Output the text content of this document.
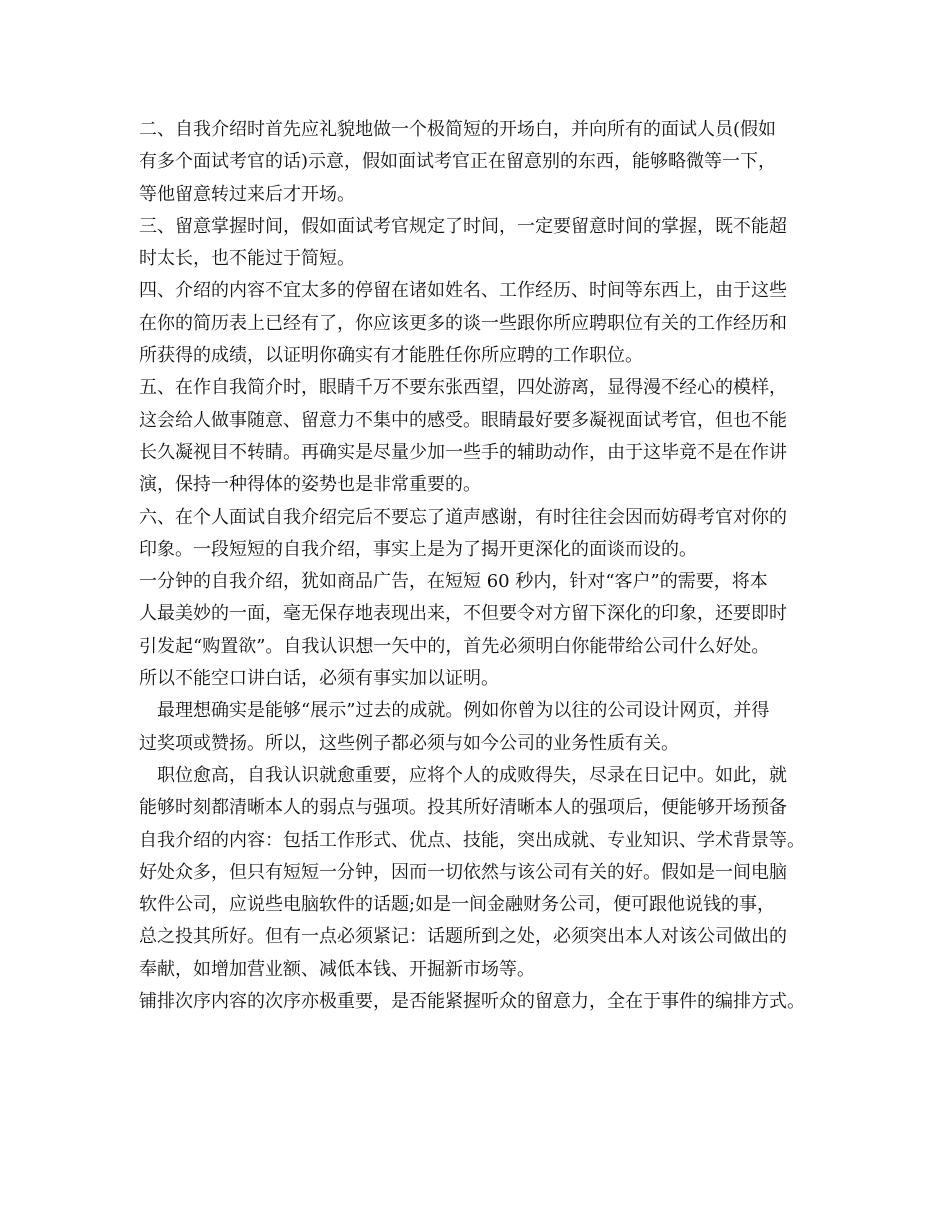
二、自我介绍时首先应礼貌地做一个极简短的开场白，并向所有的面试人员(假如
有多个面试考官的话)示意，假如面试考官正在留意别的东西，能够略微等一下，
等他留意转过来后才开场。
三、留意掌握时间，假如面试考官规定了时间，一定要留意时间的掌握，既不能超
时太长，也不能过于简短。
四、介绍的内容不宜太多的停留在诸如姓名、工作经历、时间等东西上，由于这些
在你的简历表上已经有了，你应该更多的谈一些跟你所应聘职位有关的工作经历和
所获得的成绩，以证明你确实有才能胜任你所应聘的工作职位。
五、在作自我简介时，眼睛千万不要东张西望，四处游离，显得漫不经心的模样，
这会给人做事随意、留意力不集中的感受。眼睛最好要多凝视面试考官，但也不能
长久凝视目不转睛。再确实是尽量少加一些手的辅助动作，由于这毕竟不是在作讲
演，保持一种得体的姿势也是非常重要的。
六、在个人面试自我介绍完后不要忘了道声感谢，有时往往会因而妨碍考官对你的
印象。一段短短的自我介绍，事实上是为了揭开更深化的面谈而设的。
一分钟的自我介绍，犹如商品广告，在短短 60 秒内，针对“客户”的需要，将本
人最美妙的一面，毫无保存地表现出来，不但要令对方留下深化的印象，还要即时
引发起“购置欲”。自我认识想一矢中的，首先必须明白你能带给公司什么好处。
所以不能空口讲白话，必须有事实加以证明。
最理想确实是能够“展示”过去的成就。例如你曾为以往的公司设计网页，并得
过奖项或赞扬。所以，这些例子都必须与如今公司的业务性质有关。
职位愈高，自我认识就愈重要，应将个人的成败得失，尽录在日记中。如此，就
能够时刻都清晰本人的弱点与强项。投其所好清晰本人的强项后，便能够开场预备
自我介绍的内容：包括工作形式、优点、技能，突出成就、专业知识、学术背景等。
好处众多，但只有短短一分钟，因而一切依然与该公司有关的好。假如是一间电脑
软件公司，应说些电脑软件的话题;如是一间金融财务公司，便可跟他说钱的事，
总之投其所好。但有一点必须紧记：话题所到之处，必须突出本人对该公司做出的
奉献，如增加营业额、减低本钱、开掘新市场等。
铺排次序内容的次序亦极重要，是否能紧握听众的留意力，全在于事件的编排方式。
